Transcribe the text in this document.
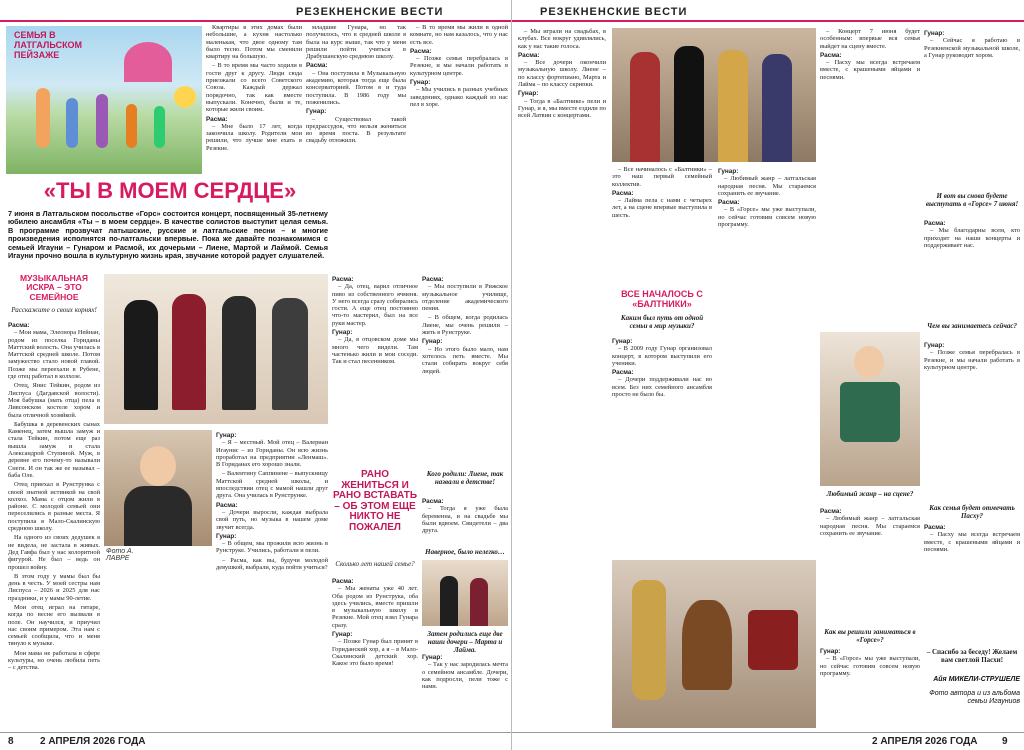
РЕЗЕКНЕНСКИЕ ВЕСТИ
СЕМЬЯ В ЛАТГАЛЬСКОМ ПЕЙЗАЖЕ

Квартиры в этих домах были небольшие, а кухня настолько маленькая, что двое одному там было тесно. Потом мы сменили квартиру на большую.

– В то время мы часто ходили в гости друг к другу. Люди сюда приезжали со всего Советского Союза. Каждый держал порядочно, так как вместе выпускали. Конечно, были и те, которые жили своим.

Расма:

– Мне было 17 лет, когда закончила школу. Родители мои решили, что лучше мне ехать в Резекне.

младшие Гунара, но так получилось, что в средней школе я была на курс выше, так что у меня решили пойти учиться в Драбушанскую среднюю школу.

Расма:

– Она поступила в Музыкальную академию, которая тогда еще была консерваторией. Потом я и туда поступила. В 1986 году мы поженились.

Гунар:

– Существовал такой предрассудок, что нельзя жениться во время поста. В результате свадьбу отложили.

– В то время мы жили в одной комнате, но нам казалось, что у нас есть все.

Расма:

– Позже семья перебралась в Резекне, и мы начали работать в культурном центре.

Гунар:

– Мы учились в разных учебных заведениях, однако каждый из нас пел в хоре.

«ТЫ В МОЕМ СЕРДЦЕ»
7 июня в Латгальском посольстве «Горс» состоится концерт, посвященный 35-летнему юбилею ансамбля «Ты – в моем сердце». В качестве солистов выступит целая семья. В программе прозвучат латышские, русские и латгальские песни – и многие произведения исполнятся по-латгальски впервые. Пока же давайте познакомимся с семьей Игауни – Гунаром и Расмой, их дочерьми – Лиене, Мартой и Лаймой. Семья Игауни прочно вошла в культурную жизнь края, звучание которой радует слушателей.
МУЗЫКАЛЬНАЯ ИСКРА – ЭТО СЕМЕЙНОЕ
Расскажите о своих корнях!
Расма:

– Мои мама, Элеонора Нейнан, родом из поселка Гориданы Маттский волость. Она училась в Маттской средней школе. Потом замужество стало новой главой. Позже мы переехали в Рубене, где отец работал в колхозе.

Отец, Янис Тейкин, родом из Лиспуса (Дагдавской волости). Моя бабушка (мать отца) пела в Ливсонском костеле хором и была отличной хозяйкой.

Бабушка в деревенских сынах Каменец, затем вышла замуж и стала Тейкин, потом еще раз вышла замуж и стала Александрой Ступиной. Муж, в деревне его почему-то называли Снеги. И он так же ее называл – баба Оле.

Отец приехал в Рунструнка с своей знатной истинкой на свой колхоз. Мама с отцом жили в районе. С молодой семьей они переселились в разные места. Я поступила в Мало-Скалинскую среднюю школу.

На одного из своих дедушек я не видела, не застала в живых. Дед Гавфа был у нас колоритной фигурой. Не был – ведь он прошел войну.

В этом году у мамы был бы день в честь. У моей сестры нам Лиспуса – 2026 и 2025 для нас праздники, и у мамы 90-летие.

Мои отец играл на гитаре, когда по весне его вызвали в поле. Он научился, и приучил нас своим примером. Эта нам с семьей сообщила, что и меня тянуло к музыке.

Мои мама не работала в сфере культуры, но очень любила петь – с детства.

Расма:

– Да, отец, варил отличное пиво из собственного ячменя. У него всегда сразу собирались гости. А еще отец постоянно что-то мастерил, был на все руки мастер.

Гунар:

– Да, в отцовском доме мы много чего видели. Там частенько жили и мои соседи. Так и стал песенником.

Расма:

– Мы поступили в Рижское музыкальное училище, отделение академического пения.

– В общем, когда родилась Лиене, мы очень решили – жить в Рунструке.

Гунар:

– Но этого было мало, нам хотелось петь вместе. Мы стали собирать вокруг себя людей.

Фото А. ЛАВРЕ
Гунар:

– Я – местный. Мой отец – Валериан Игаунис – из Гориданы. Он всю жизнь проработал на предприятии «Ленмаш». В Гориданах его хорошо знали.

– Валентину Саппинене – выпускницу Маттской средней школы, и впоследствии отец с мамой нашли друг друга. Она училась в Рунструнке.

Расма:

– Дочери выросли, каждая выбрала свой путь, но музыка в нашем доме звучит всегда.

Гунар:

– В общем, мы прожили всю жизнь в Рунструке. Учились, работали и пели.

– Расма, как вы, будучи молодой девушкой, выбрали, куда пойти учиться?

РАНО ЖЕНИТЬСЯ И РАНО ВСТАВАТЬ – ОБ ЭТОМ ЕЩЕ НИКТО НЕ ПОЖАЛЕЛ
Сколько лет нашей семье?
Расма:

– Мы женаты уже 40 лет. Оба родом из Рунструка, оба здесь учились, вместе пришли в музыкальную школу в Резекне. Мой отец взял Гунара сразу.

Гунар:

– Позже Гунар был принят в Гориданский хор, а я – в Мало-Скалинский детский хор. Какое это было время!

Кого родили: Лиене, так назвали в детстве!
Расма:

– Тогда я уже была беременна, и на свадьбе мы были вдвоем. Свидетели – два друга.

Наверное, было нелегко…
Затем родились еще две наши дочери – Марта и Лайма.
Гунар:

– Так у нас зародилась мечта о семейном ансамбле. Дочери, как подросли, пели тоже с нами.

8	2 АПРЕЛЯ 2026 ГОДА
РЕЗЕКНЕНСКИЕ ВЕСТИ

– Мы играли на свадьбах, в клубах. Все вокруг удивлялись, как у нас такие голоса.

Расма:

– Все дочери окончили музыкальную школу. Лиене – по классу фортепиано, Марта и Лайма – по классу скрипки.

Гунар:

– Тогда в «Балтнике» пели и Гунар, и я, мы вместе ездили по всей Латвии с концертами.

– Все начиналось с «Балтники» – это наш первый семейный коллектив.

Расма:

– Лайма пела с нами с четырех лет, а на сцене впервые выступила в шесть.

ВСЕ НАЧАЛОСЬ С «БАЛТНИКИ»
Каким был путь от одной семьи в мир музыки?
Гунар:

– В 2009 году Гунар организовал концерт, в котором выступили его ученики.

Расма:

– Дочери поддерживали нас во всем. Без них семейного ансамбля просто не было бы.

Гунар:

– Любимый жанр – латгальская народная песня. Мы стараемся сохранить ее звучание.

Расма:

– В «Горсе» мы уже выступали, но сейчас готовим совсем новую программу.

– Концерт 7 июня будет особенным: впервые вся семья выйдет на сцену вместе.

Расма:

– Пасху мы всегда встречаем вместе, с крашеными яйцами и песнями.

Гунар:

– Сейчас я работаю в Резекненской музыкальной школе, а Гунар руководит хором.

И вот вы снова будете выступать в «Горсе» 7 июня!
Расма:

– Мы благодарны всем, кто приходит на наши концерты и поддерживает нас.

Чем вы занимаетесь сейчас?
Гунар:

– Позже семья перебралась в Резекне, и мы начали работать в культурном центре.

Любимый жанр – на сцене?
Расма:

– Любимый жанр – латгальская народная песня. Мы стараемся сохранить ее звучание.

Как вы решили заниматься в «Горсе»?
Гунар:

– В «Горсе» мы уже выступали, но сейчас готовим совсем новую программу.

Как семья будет отмечать Пасху?
Расма:

– Пасху мы всегда встречаем вместе, с крашеными яйцами и песнями.

– Спасибо за беседу! Желаем вам светлой Пасхи!
Айя МИКЕЛИ-СТРУШЕЛЕ
Фото автора и из альбома семьи Игауниов
2 АПРЕЛЯ 2026 ГОДА 9
